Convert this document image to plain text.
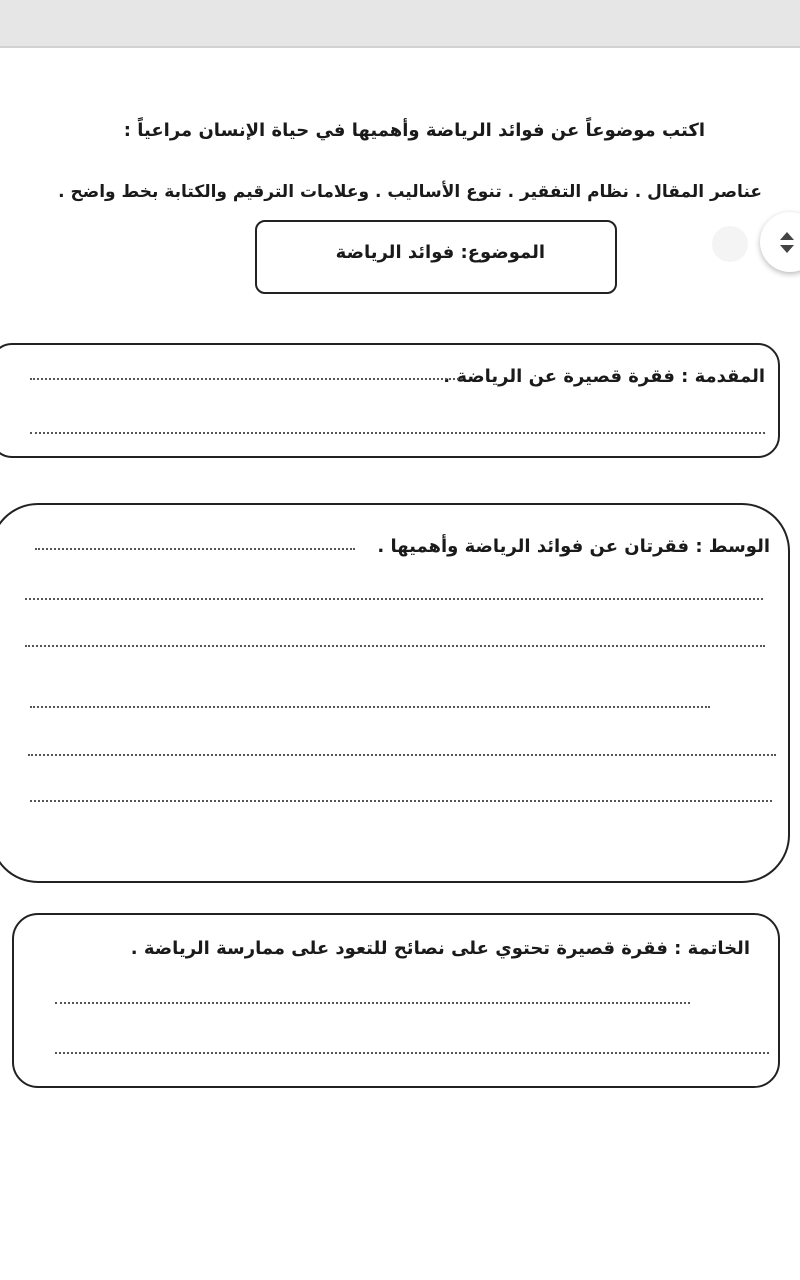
اكتب موضوعاً عن فوائد الرياضة وأهميها في حياة الإنسان مراعياً :
عناصر المقال . نظام التفقير . تنوع الأساليب . وعلامات الترقيم والكتابة بخط واضح .
الموضوع: فوائد الرياضة
المقدمة : فقرة قصيرة عن الرياضة .
الوسط : فقرتان عن فوائد الرياضة وأهميها .
الخاتمة : فقرة قصيرة تحتوي على نصائح للتعود على ممارسة الرياضة .
